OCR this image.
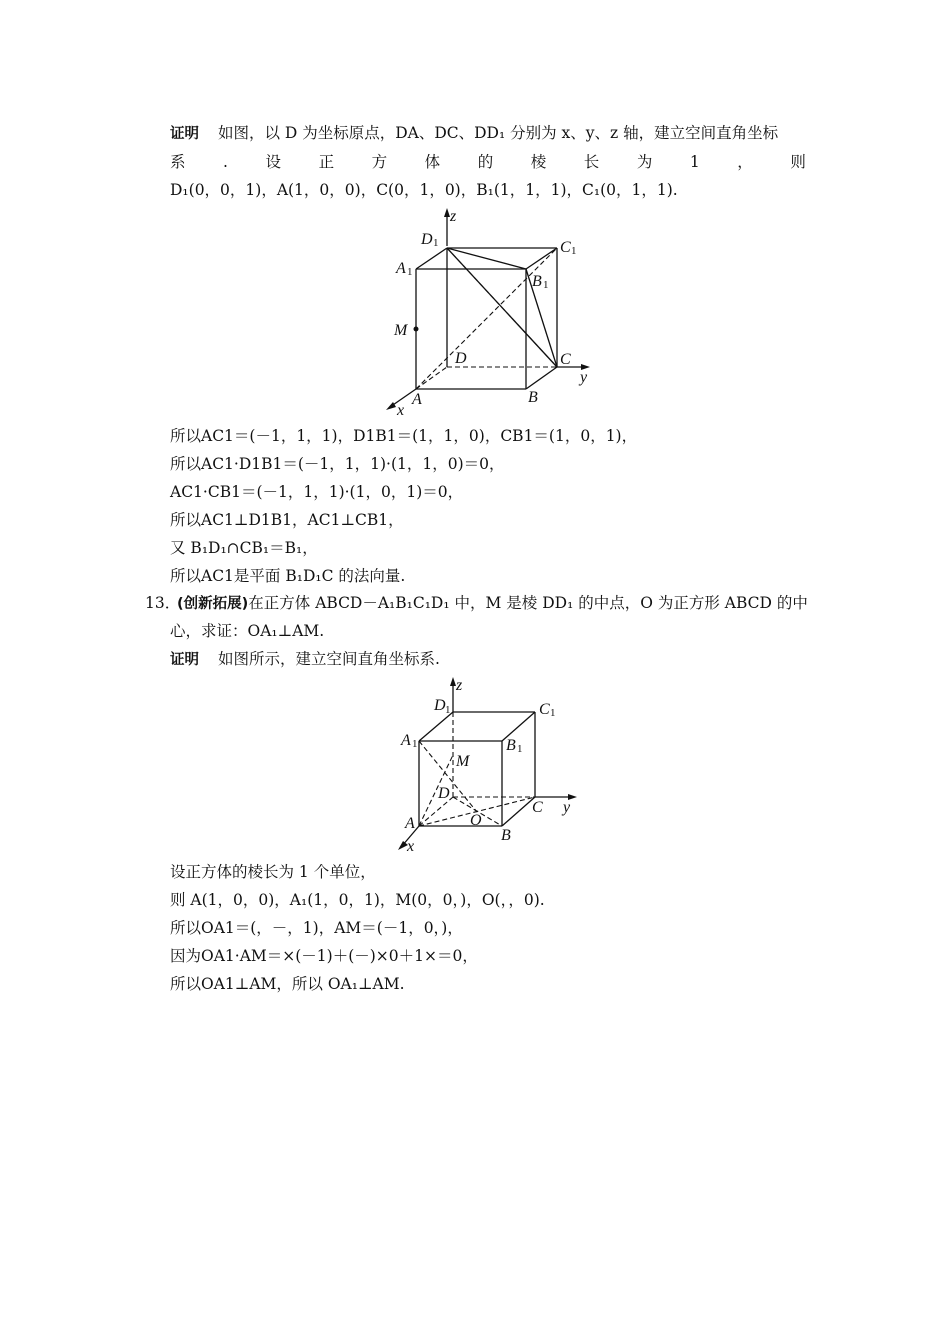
证明 如图，以 D 为坐标原点，DA、DC、DD₁ 分别为 x、y、z 轴，建立空间直角坐标
系 . 设 正 方 体 的 棱 长 为 1 ， 则
D₁(0，0，1)，A(1，0，0)，C(0，1，0)，B₁(1，1，1)，C₁(0，1，1).
D 1	C 1
A 1
B 1
M
D	C
y
x
A	B
z
所以AC1＝(－1，1，1)，D1B1＝(1，1，0)，CB1＝(1，0，1)，
所以AC1·D1B1＝(－1，1，1)·(1，1，0)＝0，
AC1·CB1＝(－1，1，1)·(1，0，1)＝0，
所以AC1⊥D1B1，AC1⊥CB1，
又 B₁D₁∩CB₁＝B₁，
所以AC1是平面 B₁D₁C 的法向量.
13．
(创新拓展)在正方体 ABCD－A₁B₁C₁D₁ 中，M 是棱 DD₁ 的中点，O 为正方形 ABCD 的中
心，求证：OA₁⊥AM.
证明 如图所示，建立空间直角坐标系.
z
D 1	C 1
A 1	B 1
M
D
C y
A	O
B
x
设正方体的棱长为 1 个单位，
则 A(1，0，0)，A₁(1，0，1)，M(0，0，)，O(，，0).
所以OA1＝(，－，1)，AM＝(－1，0，)，
因为OA1·AM＝×(－1)＋(－)×0＋1×＝0，
所以OA1⊥AM，所以 OA₁⊥AM.
